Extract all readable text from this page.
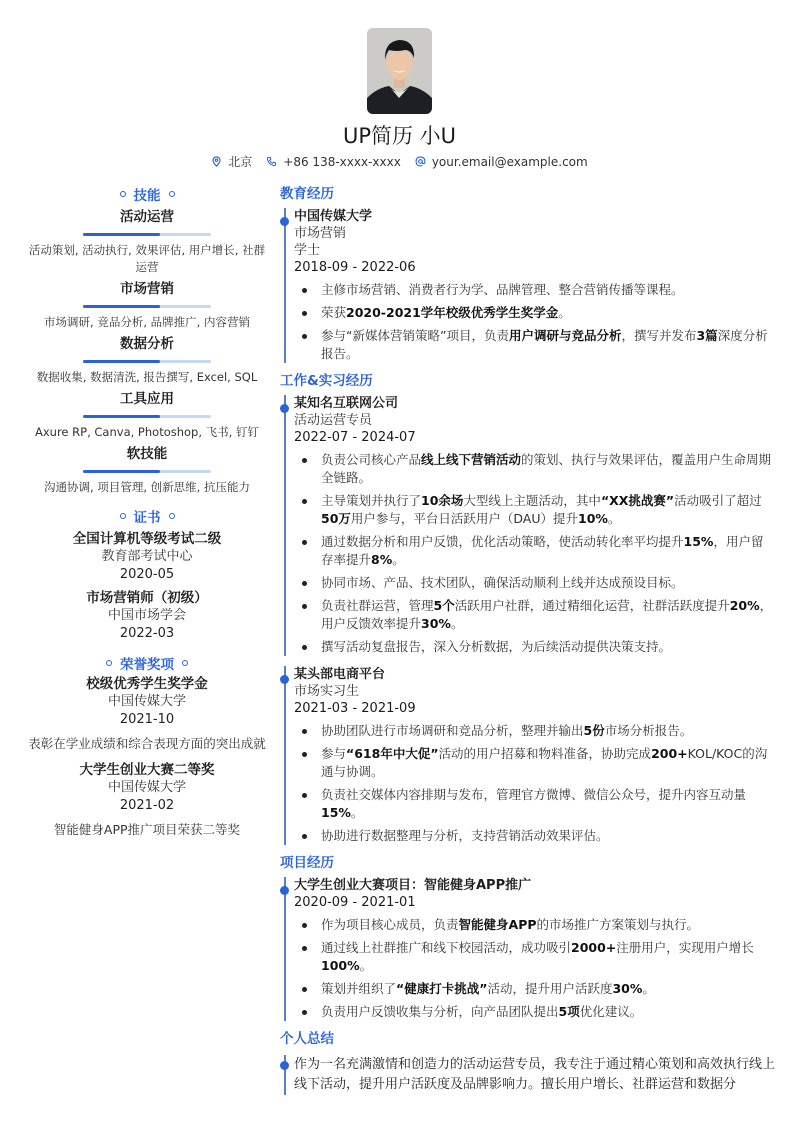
UP简历 小U
北京	+86 138-xxxx-xxxx	your.email@example.com
技能
活动运营
活动策划, 活动执行, 效果评估, 用户增长, 社群运营
市场营销
市场调研, 竞品分析, 品牌推广, 内容营销
数据分析
数据收集, 数据清洗, 报告撰写, Excel, SQL
工具应用
Axure RP, Canva, Photoshop, 飞书, 钉钉
软技能
沟通协调, 项目管理, 创新思维, 抗压能力
证书
全国计算机等级考试二级
教育部考试中心
2020-05
市场营销师（初级）
中国市场学会
2022-03
荣誉奖项
校级优秀学生奖学金
中国传媒大学
2021-10
表彰在学业成绩和综合表现方面的突出成就
大学生创业大赛二等奖
中国传媒大学
2021-02
智能健身APP推广项目荣获二等奖
教育经历
中国传媒大学
市场营销
学士
2018-09 - 2022-06
主修市场营销、消费者行为学、品牌管理、整合营销传播等课程。
荣获2020-2021学年校级优秀学生奖学金。
参与“新媒体营销策略”项目，负责用户调研与竞品分析，撰写并发布3篇深度分析报告。
工作&实习经历
某知名互联网公司
活动运营专员
2022-07 - 2024-07
负责公司核心产品线上线下营销活动的策划、执行与效果评估，覆盖用户生命周期全链路。
主导策划并执行了10余场大型线上主题活动，其中“XX挑战赛”活动吸引了超过50万用户参与，平台日活跃用户（DAU）提升10%。
通过数据分析和用户反馈，优化活动策略，使活动转化率平均提升15%，用户留存率提升8%。
协同市场、产品、技术团队，确保活动顺利上线并达成预设目标。
负责社群运营，管理5个活跃用户社群，通过精细化运营，社群活跃度提升20%，用户反馈效率提升30%。
撰写活动复盘报告，深入分析数据，为后续活动提供决策支持。
某头部电商平台
市场实习生
2021-03 - 2021-09
协助团队进行市场调研和竞品分析，整理并输出5份市场分析报告。
参与“618年中大促”活动的用户招募和物料准备，协助完成200+KOL/KOC的沟通与协调。
负责社交媒体内容排期与发布，管理官方微博、微信公众号，提升内容互动量15%。
协助进行数据整理与分析，支持营销活动效果评估。
项目经历
大学生创业大赛项目：智能健身APP推广
2020-09 - 2021-01
作为项目核心成员，负责智能健身APP的市场推广方案策划与执行。
通过线上社群推广和线下校园活动，成功吸引2000+注册用户，实现用户增长100%。
策划并组织了“健康打卡挑战”活动，提升用户活跃度30%。
负责用户反馈收集与分析，向产品团队提出5项优化建议。
个人总结
作为一名充满激情和创造力的活动运营专员，我专注于通过精心策划和高效执行线上线下活动，提升用户活跃度及品牌影响力。擅长用户增长、社群运营和数据分
